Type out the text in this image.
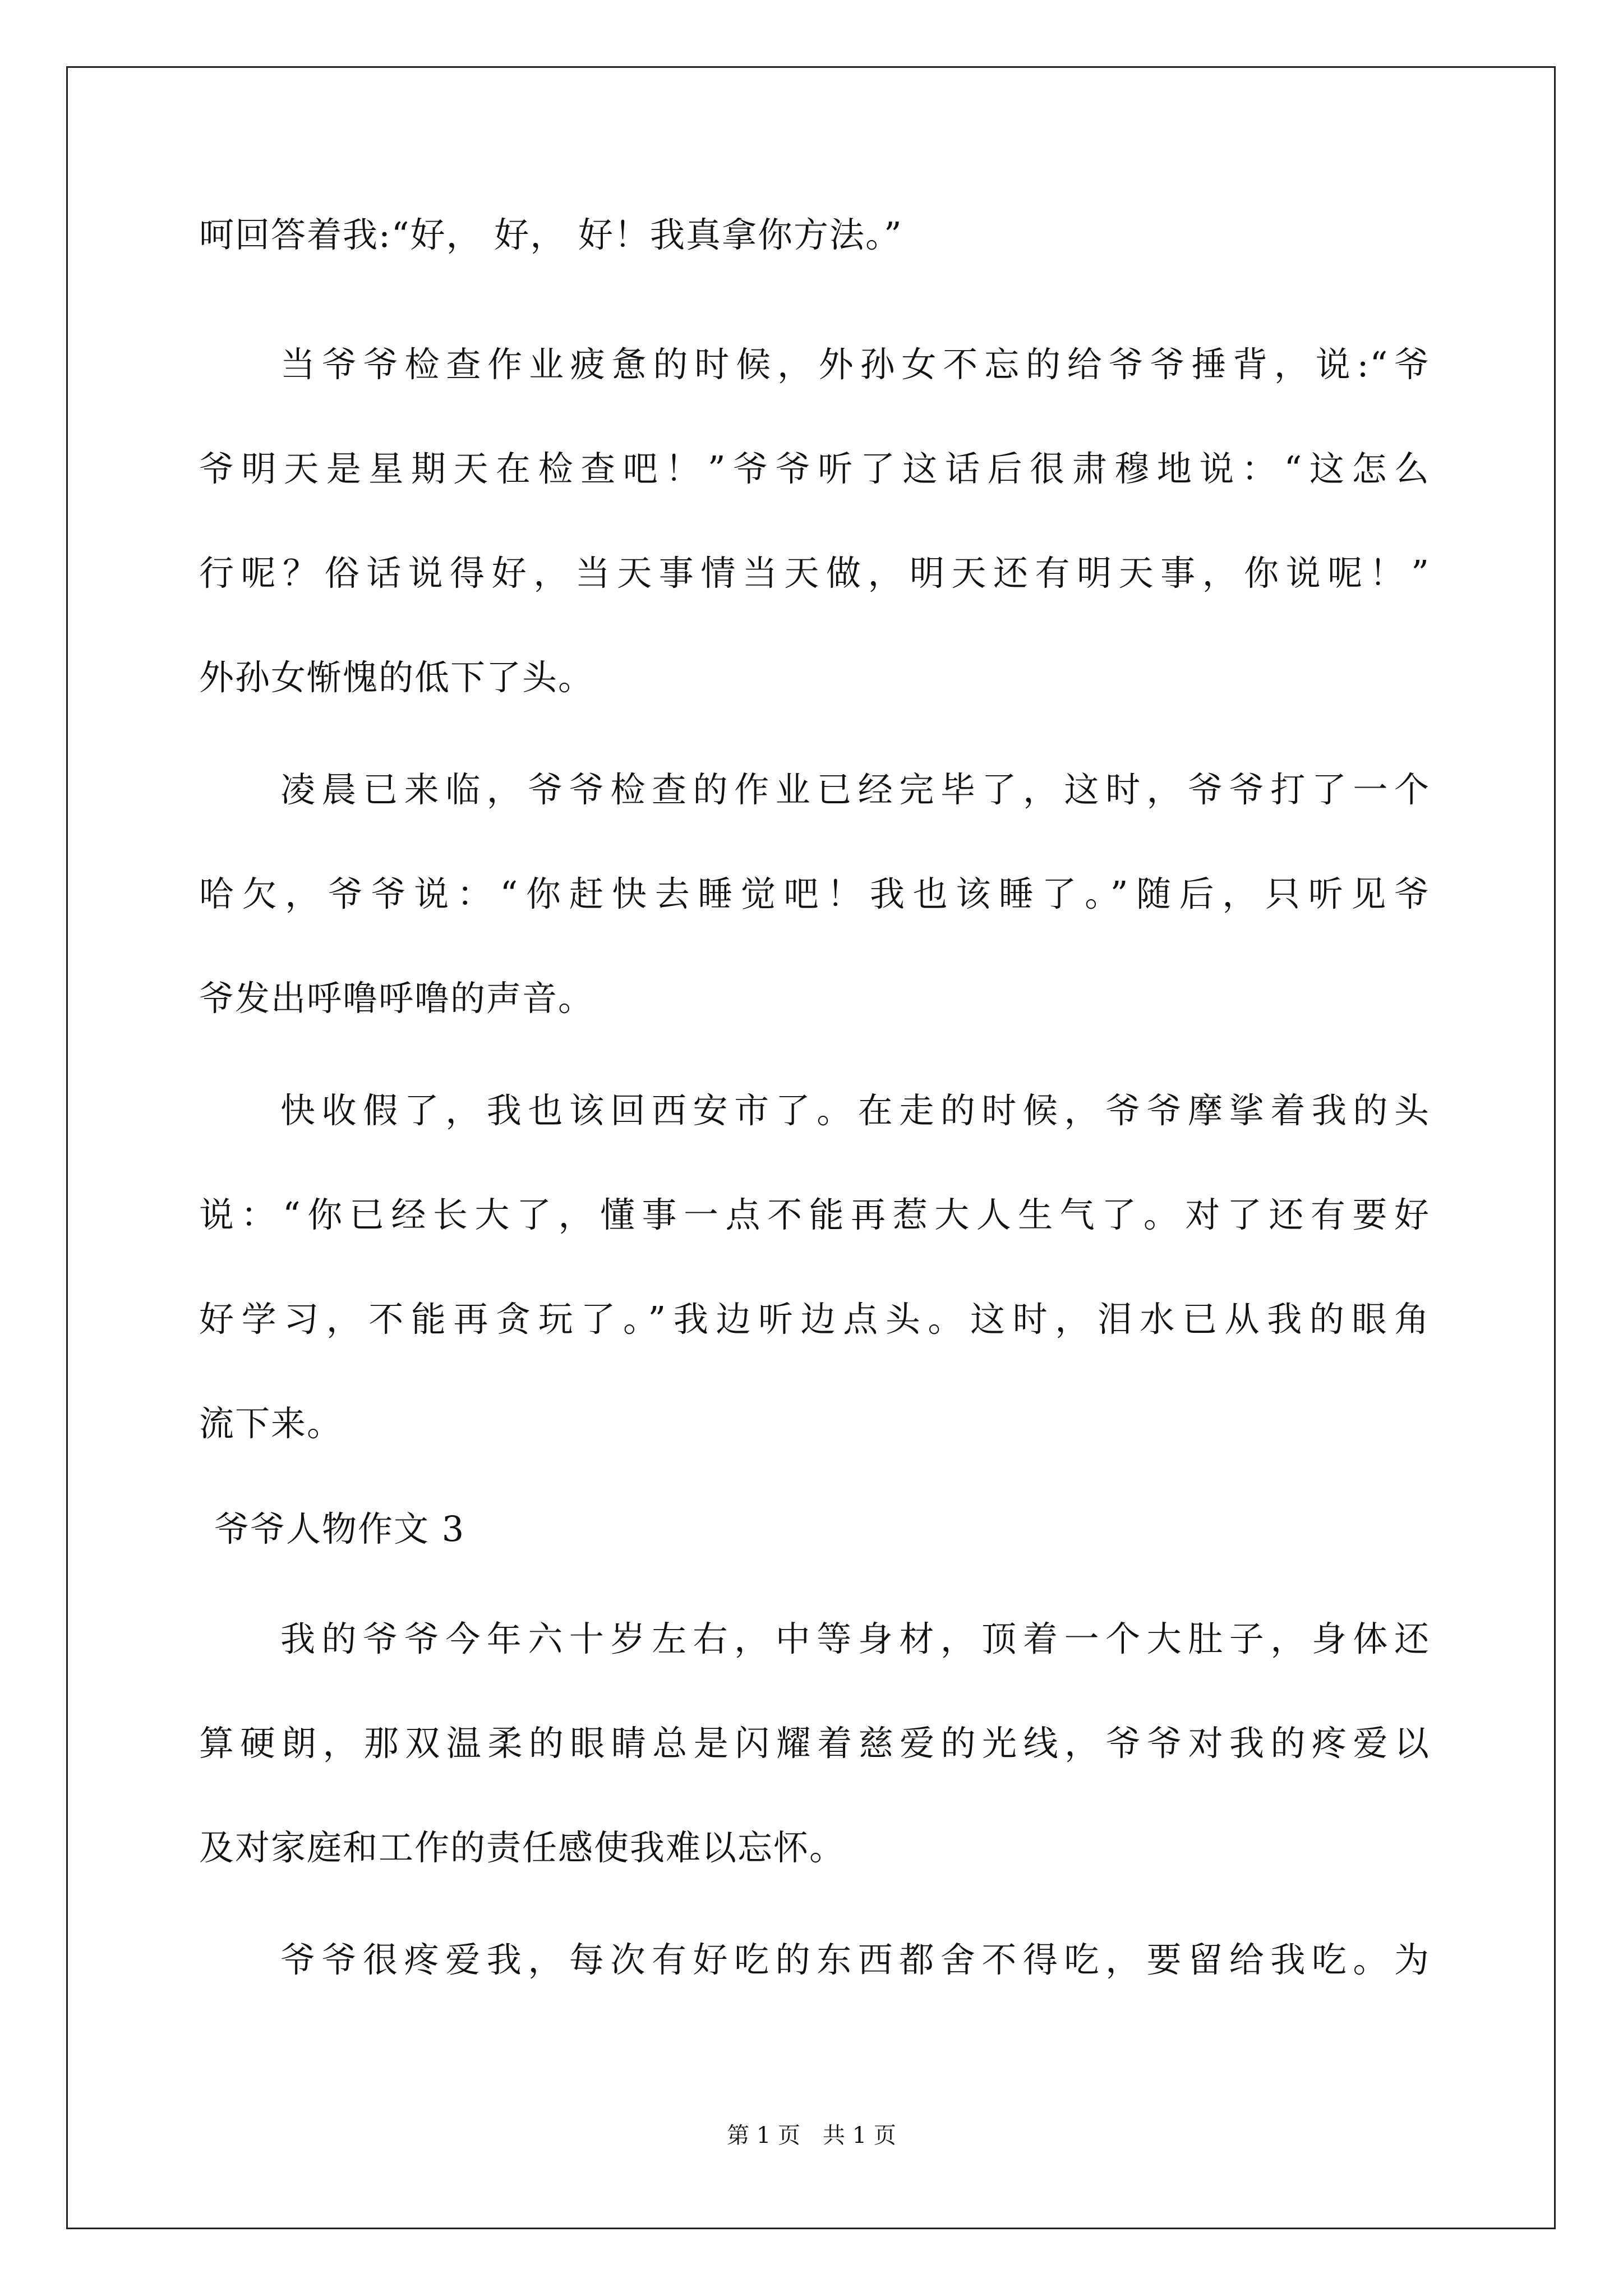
呵回答着我:“好， 好， 好！我真拿你方法。”
当爷爷检查作业疲惫的时候，外孙女不忘的给爷爷捶背，说:“爷
爷明天是星期天在检查吧！”爷爷听了这话后很肃穆地说：“这怎么
行呢？俗话说得好，当天事情当天做，明天还有明天事，你说呢！”
外孙女惭愧的低下了头。
凌晨已来临，爷爷检查的作业已经完毕了，这时，爷爷打了一个
哈欠，爷爷说：“你赶快去睡觉吧！我也该睡了。”随后，只听见爷
爷发出呼噜呼噜的声音。
快收假了，我也该回西安市了。在走的时候，爷爷摩挲着我的头
说：“你已经长大了，懂事一点不能再惹大人生气了。对了还有要好
好学习，不能再贪玩了。”我边听边点头。这时，泪水已从我的眼角
流下来。
爷爷人物作文 3
我的爷爷今年六十岁左右，中等身材，顶着一个大肚子，身体还
算硬朗，那双温柔的眼睛总是闪耀着慈爱的光线，爷爷对我的疼爱以
及对家庭和工作的责任感使我难以忘怀。
爷爷很疼爱我，每次有好吃的东西都舍不得吃，要留给我吃。为
第 1 页　共 1 页
